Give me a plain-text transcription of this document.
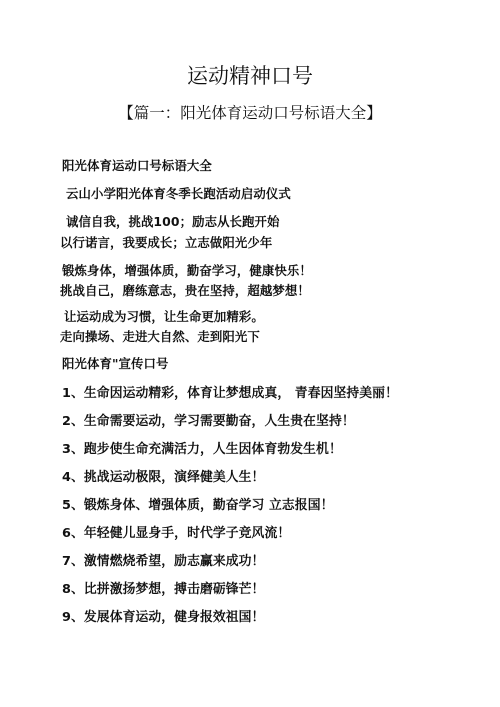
运动精神口号
【篇一：阳光体育运动口号标语大全】
阳光体育运动口号标语大全
云山小学阳光体育冬季长跑活动启动仪式
诚信自我，挑战100；励志从长跑开始
以行诺言，我要成长；立志做阳光少年
锻炼身体，增强体质，勤奋学习，健康快乐！
挑战自己，磨练意志，贵在坚持，超越梦想！
让运动成为习惯，让生命更加精彩。
走向操场、走进大自然、走到阳光下
阳光体育"宣传口号
1、生命因运动精彩，体育让梦想成真， 青春因坚持美丽！
2、生命需要运动，学习需要勤奋，人生贵在坚持！
3、跑步使生命充满活力，人生因体育勃发生机！
4、挑战运动极限，演绎健美人生！
5、锻炼身体、增强体质，勤奋学习 立志报国！
6、年轻健儿显身手，时代学子竞风流！
7、激情燃烧希望，励志赢来成功！
8、比拼激扬梦想，搏击磨砺锋芒！
9、发展体育运动，健身报效祖国！
